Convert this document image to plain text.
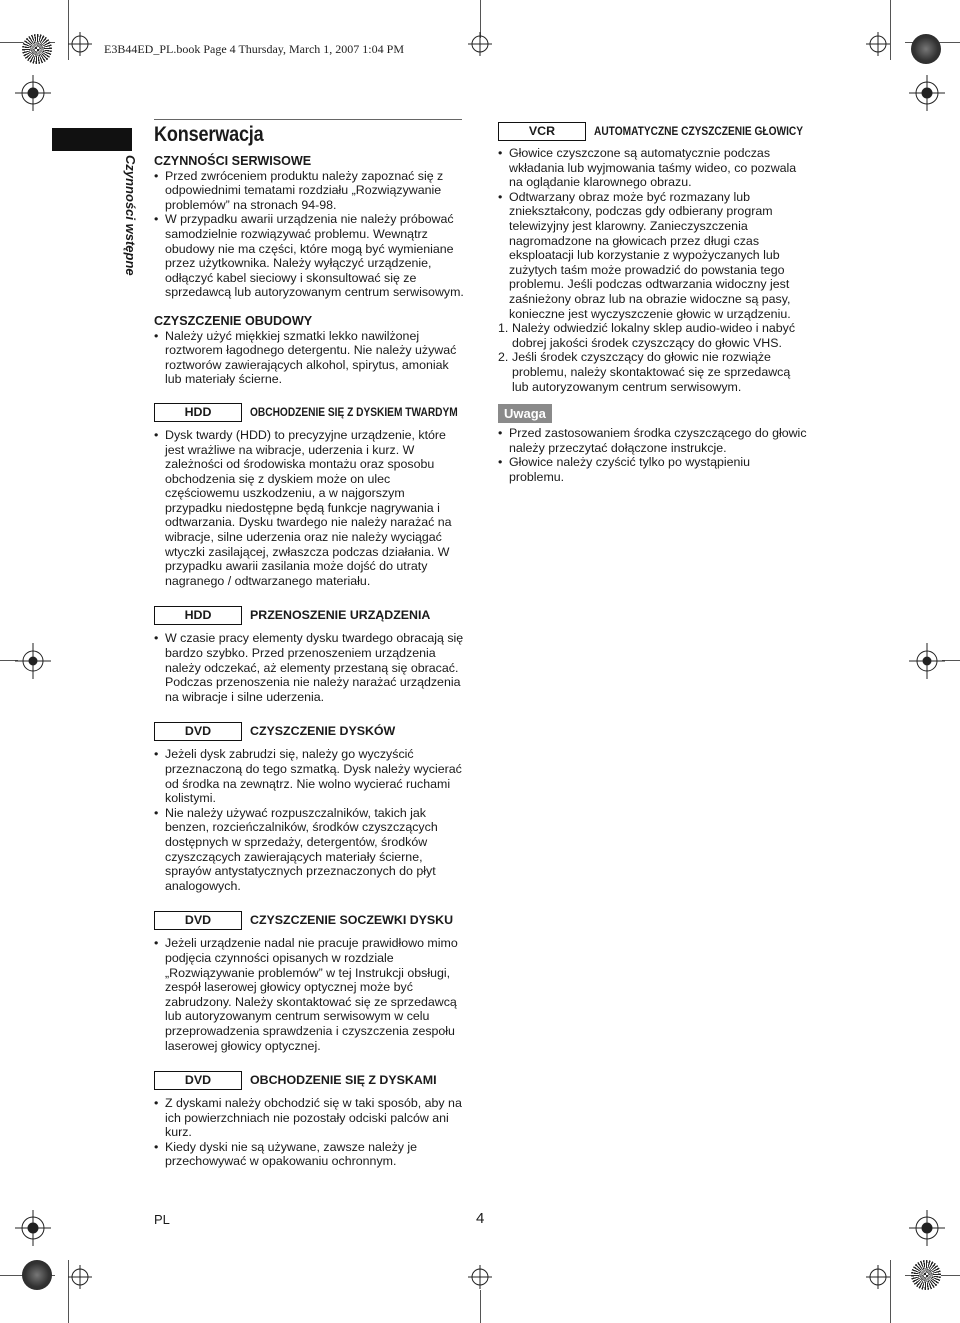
E3B44ED_PL.book Page 4 Thursday, March 1, 2007 1:04 PM
Czynności wstępne
Konserwacja

CZYNNOŚCI SERWISOWE

• Przed zwróceniem produktu należy zapoznać się z odpowiednimi tematami rozdziału „Rozwiązywanie problemów” na stronach 94-98.
• W przypadku awarii urządzenia nie należy próbować samodzielnie rozwiązywać problemu. Wewnątrz obudowy nie ma części, które mogą być wymieniane przez użytkownika. Należy wyłączyć urządzenie, odłączyć kabel sieciowy i skonsultować się ze sprzedawcą lub autoryzowanym centrum serwisowym.

CZYSZCZENIE OBUDOWY

• Należy użyć miękkiej szmatki lekko nawilżonej roztworem łagodnego detergentu. Nie należy używać roztworów zawierających alkohol, spirytus, amoniak lub materiały ścierne.
HDD	OBCHODZENIE SIĘ Z DYSKIEM TWARDYM
• Dysk twardy (HDD) to precyzyjne urządzenie, które jest wrażliwe na wibracje, uderzenia i kurz. W zależności od środowiska montażu oraz sposobu obchodzenia się z dyskiem może on ulec częściowemu uszkodzeniu, a w najgorszym przypadku niedostępne będą funkcje nagrywania i odtwarzania. Dysku twardego nie należy narażać na wibracje, silne uderzenia oraz nie należy wyciągać wtyczki zasilającej, zwłaszcza podczas działania. W przypadku awarii zasilania może dojść do utraty nagranego / odtwarzanego materiału.
HDD	PRZENOSZENIE URZĄDZENIA
• W czasie pracy elementy dysku twardego obracają się bardzo szybko. Przed przenoszeniem urządzenia należy odczekać, aż elementy przestaną się obracać. Podczas przenoszenia nie należy narażać urządzenia na wibracje i silne uderzenia.
DVD	CZYSZCZENIE DYSKÓW
• Jeżeli dysk zabrudzi się, należy go wyczyścić przeznaczoną do tego szmatką. Dysk należy wycierać od środka na zewnątrz. Nie wolno wycierać ruchami kolistymi.
• Nie należy używać rozpuszczalników, takich jak benzen, rozcieńczalników, środków czyszczących dostępnych w sprzedaży, detergentów, środków czyszczących zawierających materiały ścierne, sprayów antystatycznych przeznaczonych do płyt analogowych.
DVD	CZYSZCZENIE SOCZEWKI DYSKU
• Jeżeli urządzenie nadal nie pracuje prawidłowo mimo podjęcia czynności opisanych w rozdziale „Rozwiązywanie problemów” w tej Instrukcji obsługi, zespół laserowej głowicy optycznej może być zabrudzony. Należy skontaktować się ze sprzedawcą lub autoryzowanym centrum serwisowym w celu przeprowadzenia sprawdzenia i czyszczenia zespołu laserowej głowicy optycznej.
DVD	OBCHODZENIE SIĘ Z DYSKAMI
• Z dyskami należy obchodzić się w taki sposób, aby na ich powierzchniach nie pozostały odciski palców ani kurz.
• Kiedy dyski nie są używane, zawsze należy je przechowywać w opakowaniu ochronnym.
VCR	AUTOMATYCZNE CZYSZCZENIE GŁOWICY
• Głowice czyszczone są automatycznie podczas wkładania lub wyjmowania taśmy wideo, co pozwala na oglądanie klarownego obrazu.
• Odtwarzany obraz może być rozmazany lub zniekształcony, podczas gdy odbierany program telewizyjny jest klarowny. Zanieczyszczenia nagromadzone na głowicach przez długi czas eksploatacji lub korzystanie z wypożyczanych lub zużytych taśm może prowadzić do powstania tego problemu. Jeśli podczas odtwarzania widoczny jest zaśnieżony obraz lub na obrazie widoczne są pasy, konieczne jest wyczyszczenie głowic w urządzeniu.
1. Należy odwiedzić lokalny sklep audio-wideo i nabyć dobrej jakości środek czyszczący do głowic VHS.
2. Jeśli środek czyszczący do głowic nie rozwiąże problemu, należy skontaktować się ze sprzedawcą lub autoryzowanym centrum serwisowym.
Uwaga
• Przed zastosowaniem środka czyszczącego do głowic należy przeczytać dołączone instrukcje.
• Głowice należy czyścić tylko po wystąpieniu problemu.
PL	4
